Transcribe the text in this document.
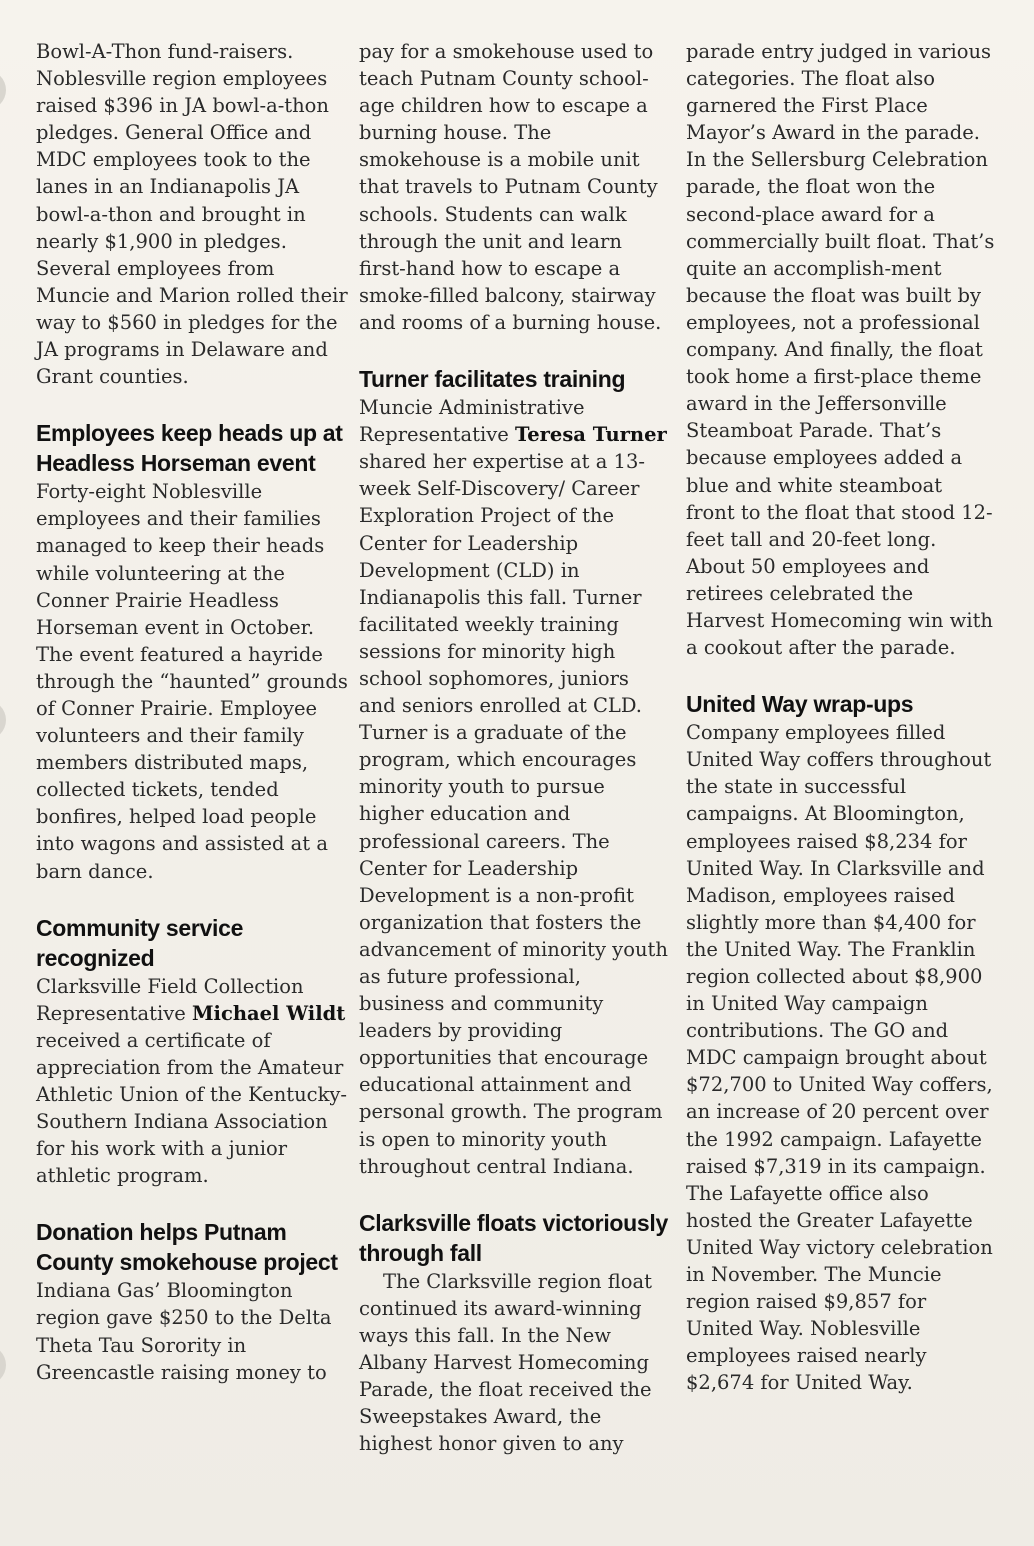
Bowl-A-Thon fund-raisers. Noblesville region employees raised $396 in JA bowl-a-thon pledges. General Office and MDC employees took to the lanes in an Indianapolis JA bowl-a-thon and brought in nearly $1,900 in pledges. Several employees from Muncie and Marion rolled their way to $560 in pledges for the JA programs in Delaware and Grant counties.

Employees keep heads up at Headless Horseman event

Forty-eight Noblesville employees and their families managed to keep their heads while volunteering at the Conner Prairie Headless Horseman event in October. The event featured a hayride through the “haunted” grounds of Conner Prairie. Employee volunteers and their family members distributed maps, collected tickets, tended bonfires, helped load people into wagons and assisted at a barn dance.

Community service recognized

Clarksville Field Collection Representative Michael Wildt received a certificate of appreciation from the Amateur Athletic Union of the Kentucky-Southern Indiana Association for his work with a junior athletic program.

Donation helps Putnam County smokehouse project

Indiana Gas’ Bloomington region gave $250 to the Delta Theta Tau Sorority in Greencastle raising money to

pay for a smokehouse used to teach Putnam County school-age children how to escape a burning house. The smokehouse is a mobile unit that travels to Putnam County schools. Students can walk through the unit and learn first-hand how to escape a smoke-filled balcony, stairway and rooms of a burning house.

Turner facilitates training

Muncie Administrative Representative Teresa Turner shared her expertise at a 13-week Self-Discovery/ Career Exploration Project of the Center for Leadership Development (CLD) in Indianapolis this fall. Turner facilitated weekly training sessions for minority high school sophomores, juniors and seniors enrolled at CLD. Turner is a graduate of the program, which encourages minority youth to pursue higher education and professional careers. The Center for Leadership Development is a non-profit organization that fosters the advancement of minority youth as future professional, business and community leaders by providing opportunities that encourage educational attainment and personal growth. The program is open to minority youth throughout central Indiana.

Clarksville floats victoriously through fall

The Clarksville region float continued its award-winning ways this fall. In the New Albany Harvest Homecoming Parade, the float received the Sweepstakes Award, the highest honor given to any

parade entry judged in various categories. The float also garnered the First Place Mayor’s Award in the parade. In the Sellersburg Celebration parade, the float won the second-place award for a commercially built float. That’s quite an accomplish-ment because the float was built by employees, not a professional company. And finally, the float took home a first-place theme award in the Jeffersonville Steamboat Parade. That’s because employees added a blue and white steamboat front to the float that stood 12-feet tall and 20-feet long. About 50 employees and retirees celebrated the Harvest Homecoming win with a cookout after the parade.

United Way wrap-ups

Company employees filled United Way coffers throughout the state in successful campaigns. At Bloomington, employees raised $8,234 for United Way. In Clarksville and Madison, employees raised slightly more than $4,400 for the United Way. The Franklin region collected about $8,900 in United Way campaign contributions. The GO and MDC campaign brought about $72,700 to United Way coffers, an increase of 20 percent over the 1992 campaign. Lafayette raised $7,319 in its campaign. The Lafayette office also hosted the Greater Lafayette United Way victory celebration in November. The Muncie region raised $9,857 for United Way. Noblesville employees raised nearly $2,674 for United Way.
